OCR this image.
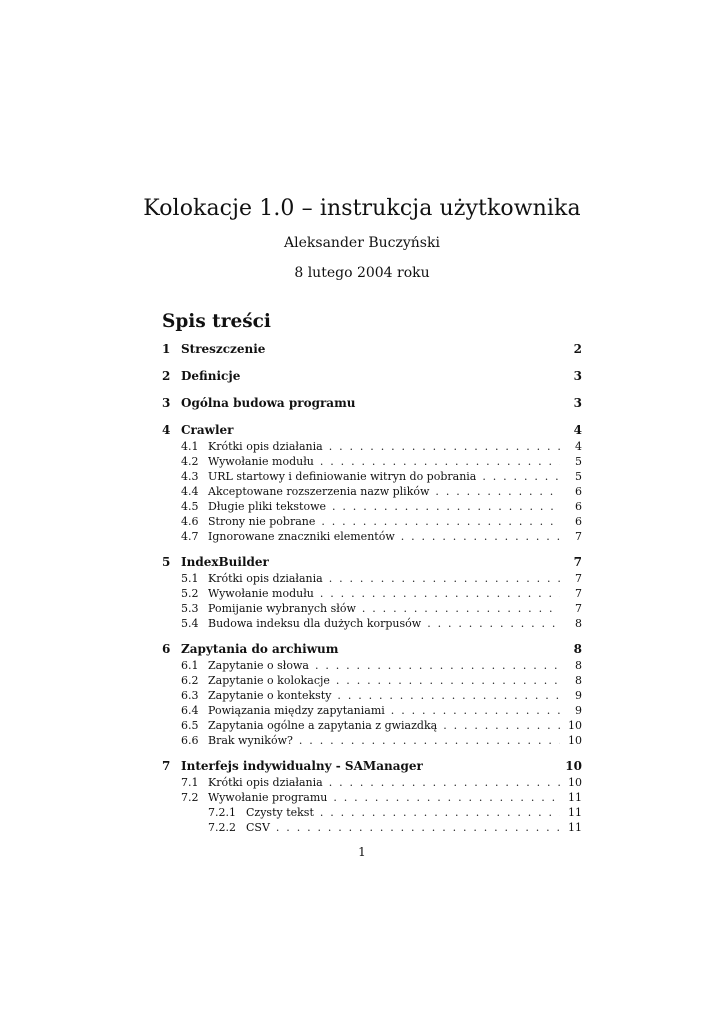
Kolokacje 1.0 – instrukcja użytkownika
Aleksander Buczyński
8 lutego 2004 roku
Spis treści
1 Streszczenie	2
2 Definicje	3
3 Ogólna budowa programu	3
4 Crawler	4
4.1 Krótki opis działania . . .	4
4.2 Wywołanie modułu . . .	5
4.3 URL startowy i definiowanie witryn do pobrania . . .	5
4.4 Akceptowane rozszerzenia nazw plików . . .	6
4.5 Długie pliki tekstowe . . .	6
4.6 Strony nie pobrane . . .	6
4.7 Ignorowane znaczniki elementów . . .	7
5 IndexBuilder	7
5.1 Krótki opis działania . . .	7
5.2 Wywołanie modułu . . .	7
5.3 Pomijanie wybranych słów . . .	7
5.4 Budowa indeksu dla dużych korpusów . . .	8
6 Zapytania do archiwum	8
6.1 Zapytanie o słowa . . .	8
6.2 Zapytanie o kolokacje . . .	8
6.3 Zapytanie o konteksty . . .	9
6.4 Powiązania między zapytaniami . . .	9
6.5 Zapytania ogólne a zapytania z gwiazdką . . .	10
6.6 Brak wyników? . . .	10
7 Interfejs indywidualny - SAManager	10
7.1 Krótki opis działania . . .	10
7.2 Wywołanie programu . . .	11
7.2.1 Czysty tekst . . .	11
7.2.2 CSV . . .	11
1
